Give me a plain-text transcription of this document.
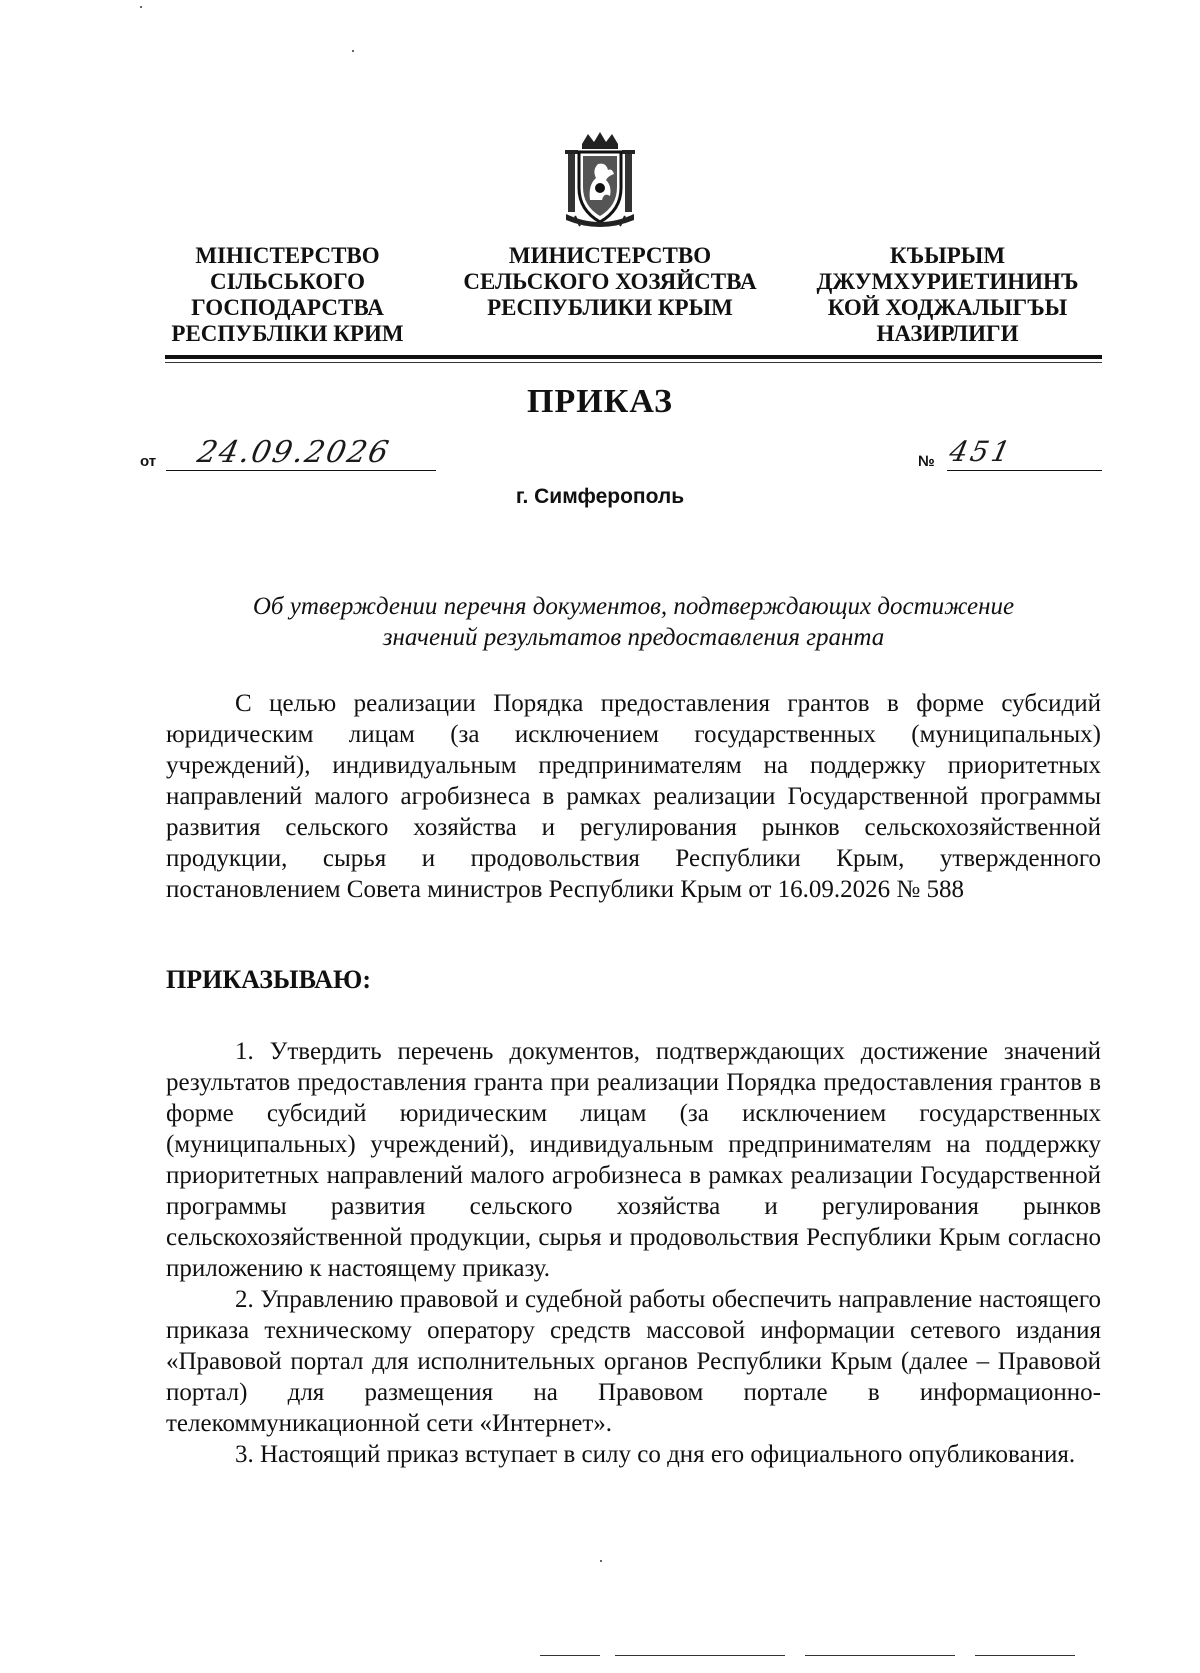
МІНІСТЕРСТВО
СІЛЬСЬКОГО
ГОСПОДАРСТВА
РЕСПУБЛІКИ КРИМ
МИНИСТЕРСТВО
СЕЛЬСКОГО ХОЗЯЙСТВА
РЕСПУБЛИКИ КРЫМ
КЪЫРЫМ
ДЖУМХУРИЕТИНИНЪ
КОЙ ХОДЖАЛЫГЪЫ
НАЗИРЛИГИ
ПРИКАЗ
от 24.09.2026	№ 451
г. Симферополь
Об утверждении перечня документов, подтверждающих достижение
значений результатов предоставления гранта

С целью реализации Порядка предоставления грантов в форме субсидий юридическим лицам (за исключением государственных (муниципальных) учреждений), индивидуальным предпринимателям на поддержку приоритетных направлений малого агробизнеса в рамках реализации Государственной программы развития сельского хозяйства и регулирования рынков сельскохозяйственной продукции, сырья и продовольствия Республики Крым, утвержденного постановлением Совета министров Республики Крым от 16.09.2026 № 588

ПРИКАЗЫВАЮ:

1. Утвердить перечень документов, подтверждающих достижение значений результатов предоставления гранта при реализации Порядка предоставления грантов в форме субсидий юридическим лицам (за исключением государственных (муниципальных) учреждений), индивидуальным предпринимателям на поддержку приоритетных направлений малого агробизнеса в рамках реализации Государственной программы развития сельского хозяйства и регулирования рынков сельскохозяйственной продукции, сырья и продовольствия Республики Крым согласно приложению к настоящему приказу.

2. Управлению правовой и судебной работы обеспечить направление настоящего приказа техническому оператору средств массовой информации сетевого издания «Правовой портал для исполнительных органов Республики Крым (далее – Правовой портал) для размещения на Правовом портале в информационно-телекоммуникационной сети «Интернет».

3. Настоящий приказ вступает в силу со дня его официального опубликования.
